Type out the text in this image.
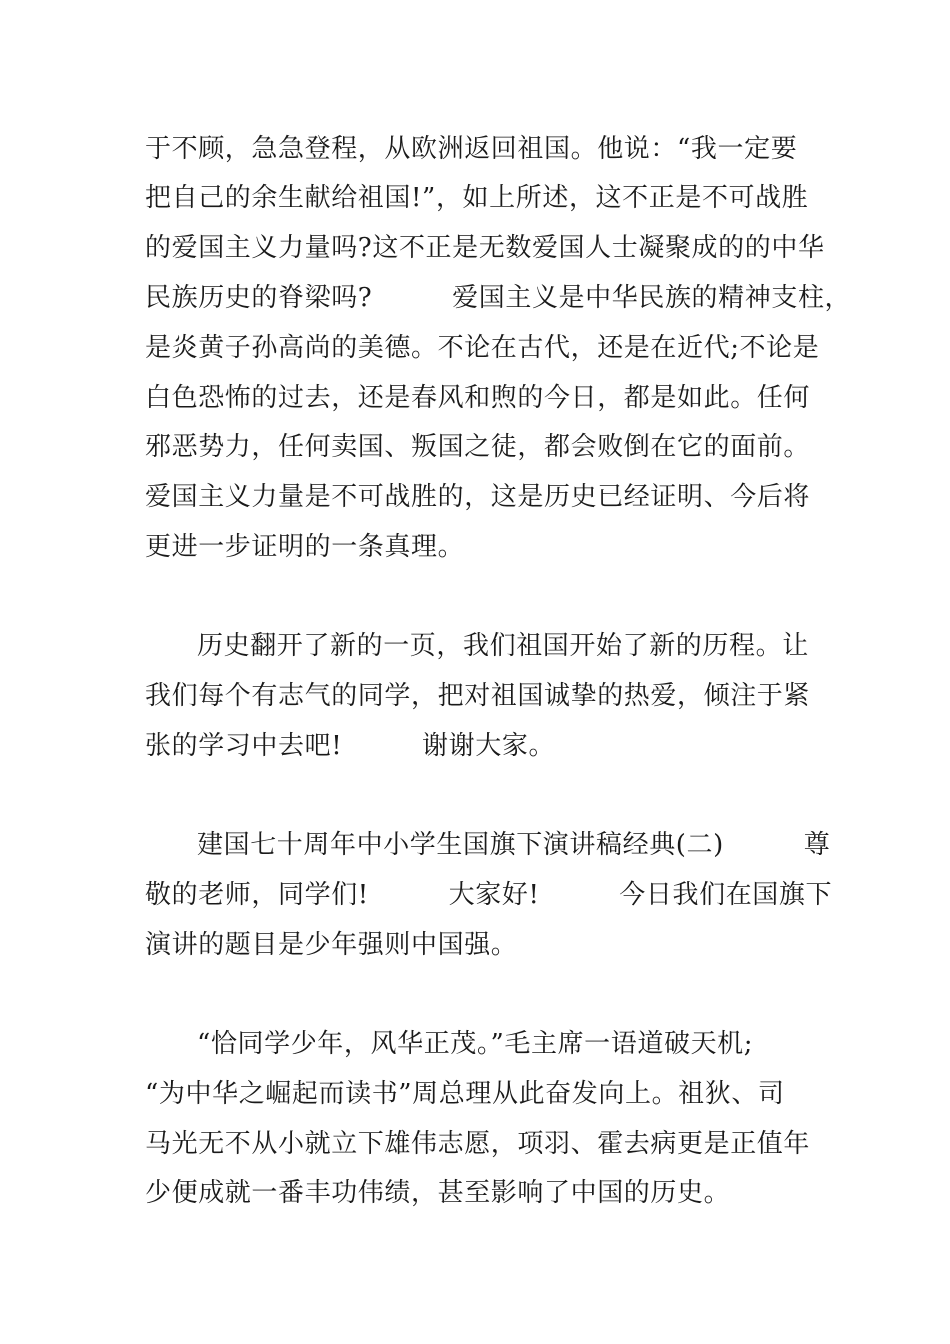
于不顾，急急登程，从欧洲返回祖国。他说：“我一定要
把自己的余生献给祖国!”，如上所述，这不正是不可战胜
的爱国主义力量吗?这不正是无数爱国人士凝聚成的的中华
民族历史的脊梁吗?　　　爱国主义是中华民族的精神支柱，
是炎黄子孙高尚的美德。不论在古代，还是在近代;不论是
白色恐怖的过去，还是春风和煦的今日，都是如此。任何
邪恶势力，任何卖国、叛国之徒，都会败倒在它的面前。
爱国主义力量是不可战胜的，这是历史已经证明、今后将
更进一步证明的一条真理。
历史翻开了新的一页，我们祖国开始了新的历程。让
我们每个有志气的同学，把对祖国诚挚的热爱，倾注于紧
张的学习中去吧!　　　谢谢大家。
建国七十周年中小学生国旗下演讲稿经典(二)　　　尊
敬的老师，同学们!　　　大家好!　　　今日我们在国旗下
演讲的题目是少年强则中国强。
“恰同学少年，风华正茂。”毛主席一语道破天机;
“为中华之崛起而读书”周总理从此奋发向上。祖狄、司
马光无不从小就立下雄伟志愿，项羽、霍去病更是正值年
少便成就一番丰功伟绩，甚至影响了中国的历史。
